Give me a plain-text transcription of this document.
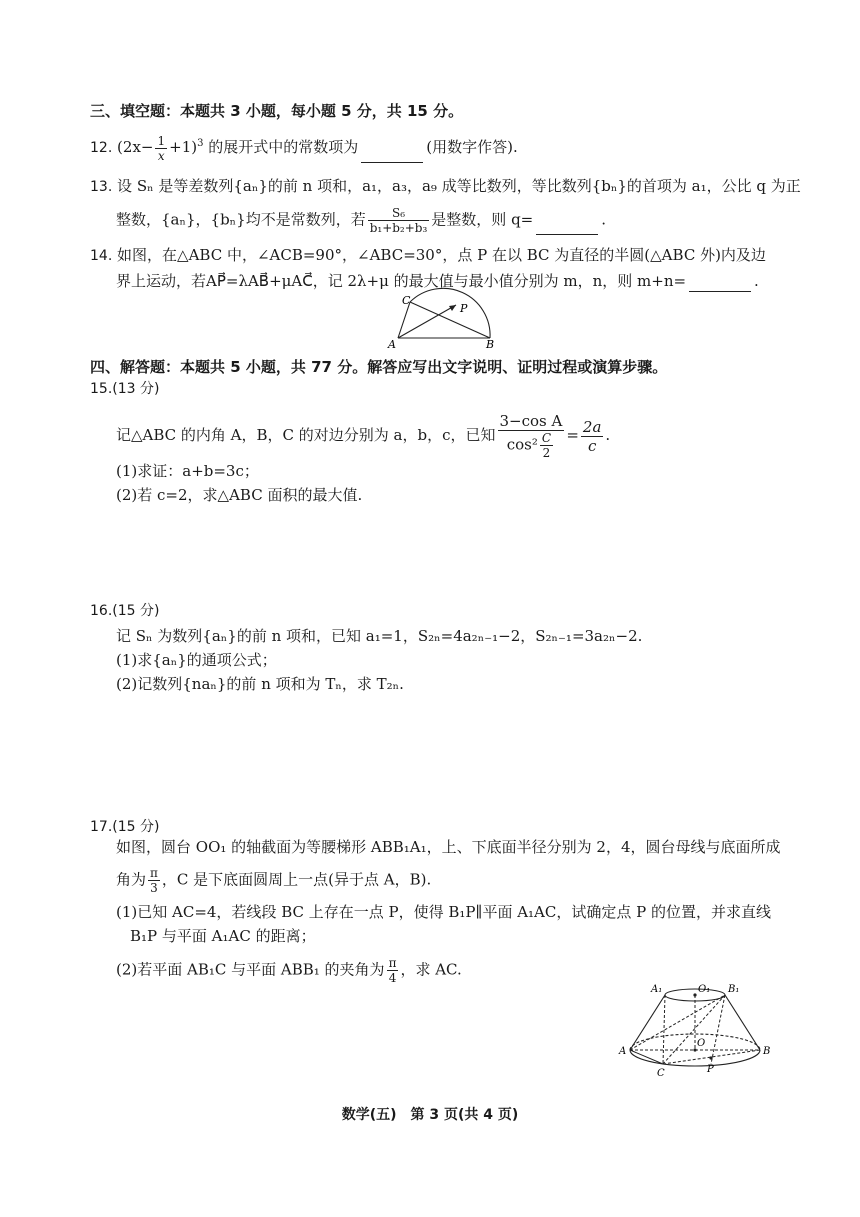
三、填空题：本题共 3 小题，每小题 5 分，共 15 分。
12. $(2x- \frac{1}{x} +1)^3$ 的展开式中的常数项为	(用数字作答).
13. 设 Sₙ 是等差数列{aₙ}的前 n 项和，a₁，a₃，a₉ 成等比数列，等比数列{bₙ}的首项为 a₁，公比 q 为正
整数，{aₙ}，{bₙ}均不是常数列，若 $\frac{\text{S₆}}{\text{b₁+b₂+b₃}}$ 是整数，则 q=	.
14. 如图，在△ABC 中，∠ACB=90°，∠ABC=30°，点 P 在以 BC 为直径的半圆(△ABC 外)内及边
界上运动，若AP⃗=λAB⃗+μAC⃗，记 2λ+μ 的最大值与最小值分别为 m，n，则 m+n=	.
C
P
A	B
四、解答题：本题共 5 小题，共 77 分。解答应写出文字说明、证明过程或演算步骤。
15.(13 分)
记△ABC 的内角 A，B，C 的对边分别为 a，b，c，已知 $\frac{\text{3−cos A}}{\cos^2 \frac{C}{2}} = \frac{2a}{c}$ .
(1)求证：a+b=3c；
(2)若 c=2，求△ABC 面积的最大值.
16.(15 分)
记 Sₙ 为数列{aₙ}的前 n 项和，已知 a₁=1，S₂ₙ=4a₂ₙ₋₁−2，S₂ₙ₋₁=3a₂ₙ−2.
(1)求{aₙ}的通项公式；
(2)记数列{naₙ}的前 n 项和为 Tₙ，求 T₂ₙ.
17.(15 分)
如图，圆台 OO₁ 的轴截面为等腰梯形 ABB₁A₁，上、下底面半径分别为 2，4，圆台母线与底面所成
角为 $\frac{\pi}{3}$ ，C 是下底面圆周上一点(异于点 A，B).
(1)已知 AC=4，若线段 BC 上存在一点 P，使得 B₁P∥平面 A₁AC，试确定点 P 的位置，并求直线
B₁P 与平面 A₁AC 的距离；
(2)若平面 AB₁C 与平面 ABB₁ 的夹角为 $\frac{\pi}{4}$ ，求 AC.
A₁	O₁ B₁
A
O
B
C	P
数学(五)　第 3 页(共 4 页)
